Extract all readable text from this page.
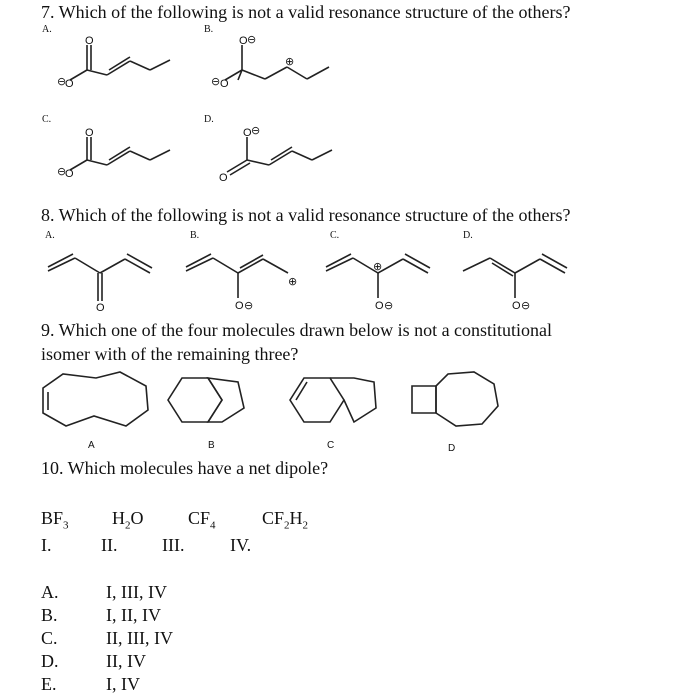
7. Which of the following is not a valid resonance structure of the others?
A.	B.
C.	D.
O
⊖
O
O ⊖
⊖ O
⊕
O
⊖
O
O ⊖
O
8. Which of the following is not a valid resonance structure of the others?
A.	B.	C.	D.
O	O ⊖
⊕
⊕
O ⊖	O ⊖
9. Which one of the four molecules drawn below is not a constitutional
isomer with of the remaining three?
A	B	C	D
10. Which molecules have a net dipole?
$BF_3$ $H_2O$ $CF_4$	$CF_2H_2$
I.	II. III.	IV.
A.	I, III, IV
B.	I, II, IV
C.	II, III, IV
D.	II, IV
E.	I, IV
